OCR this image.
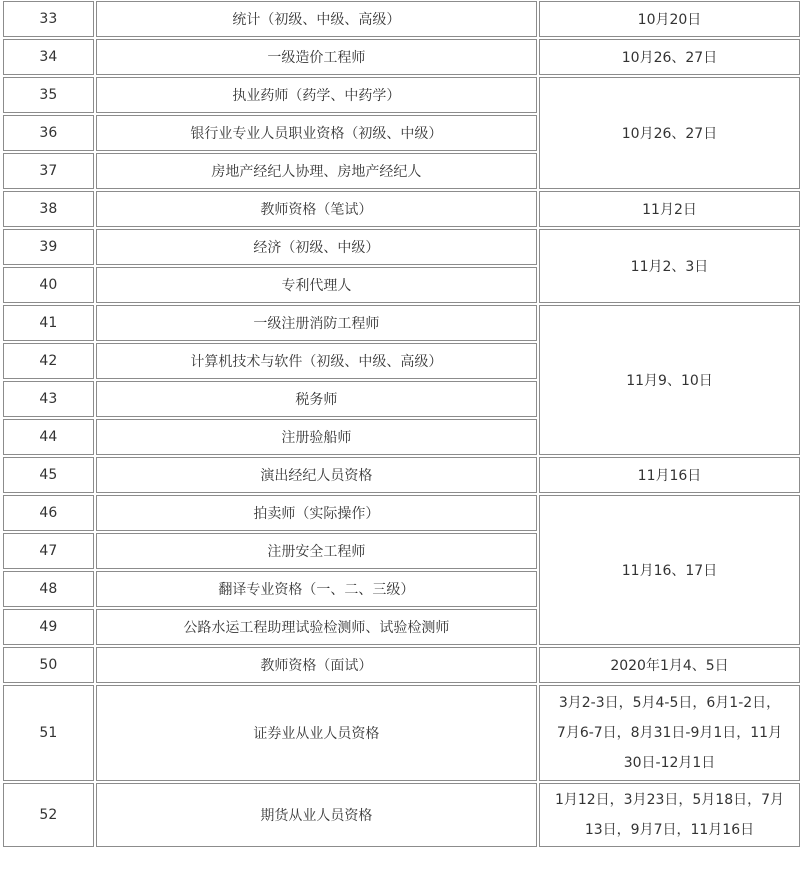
33	统计（初级、中级、高级）	10月20日
34	一级造价工程师	10月26、27日
35	执业药师（药学、中药学）	10月26、27日
36	银行业专业人员职业资格（初级、中级）	
37	房地产经纪人协理、房地产经纪人	
38	教师资格（笔试）	11月2日
39	经济（初级、中级）	11月2、3日
40	专利代理人	
41	一级注册消防工程师	11月9、10日
42	计算机技术与软件（初级、中级、高级）	
43	税务师	
44	注册验船师	
45	演出经纪人员资格	11月16日
46	拍卖师（实际操作）	11月16、17日
47	注册安全工程师	
48	翻译专业资格（一、二、三级）	
49	公路水运工程助理试验检测师、试验检测师	
50	教师资格（面试）	2020年1月4、5日
51	证券业从业人员资格	3月2-3日，5月4-5日，6月1-2日，
7月6-7日，8月31日-9月1日，11月
30日-12月1日

52	期货从业人员资格	1月12日，3月23日，5月18日，7月
13日，9月7日，11月16日
